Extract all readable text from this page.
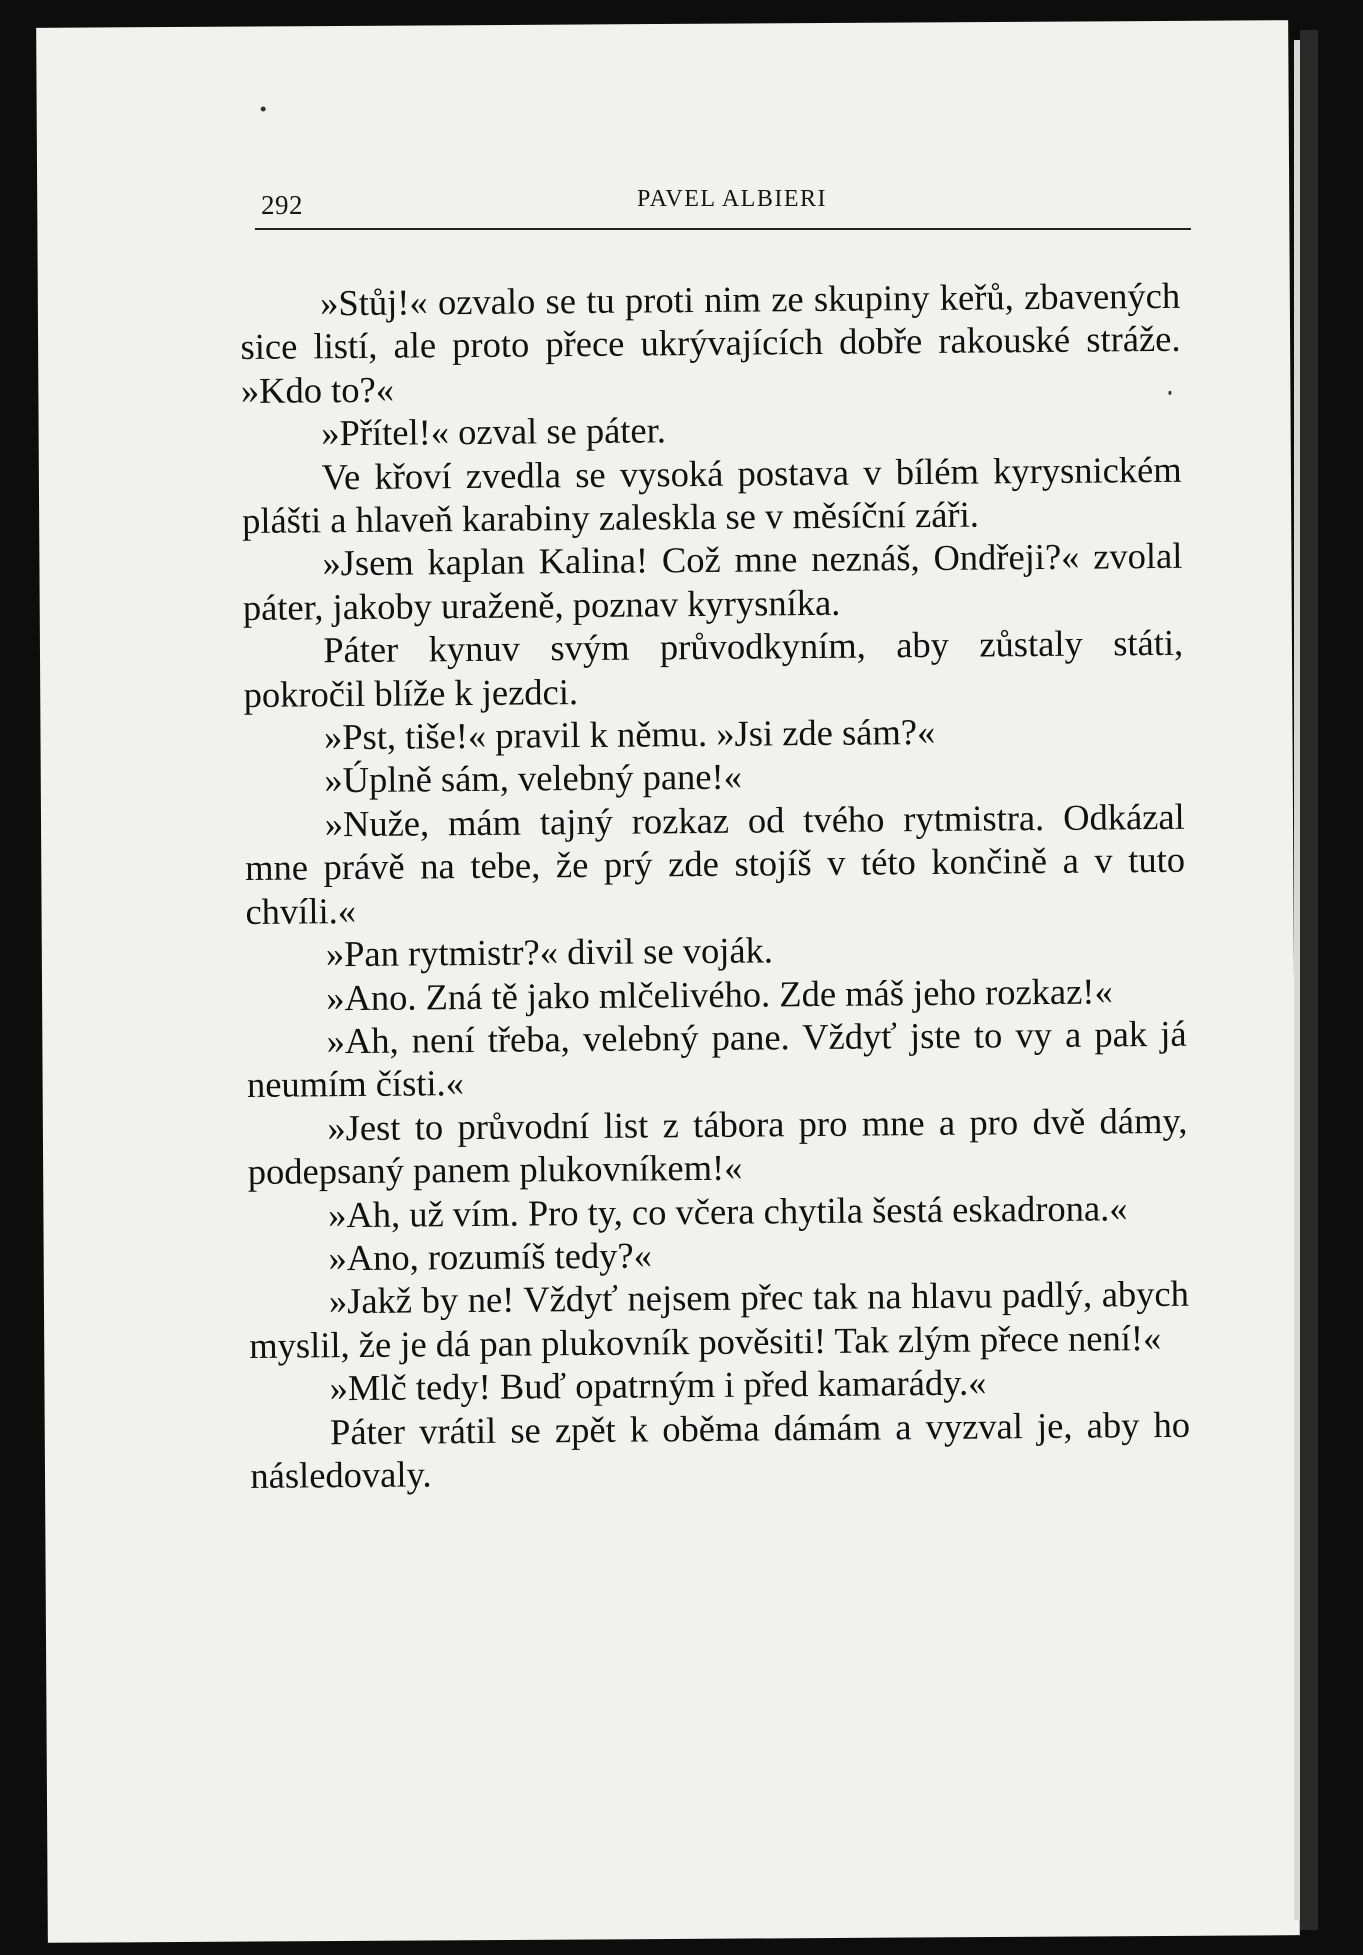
292	PAVEL ALBIERI

»Stůj!« ozvalo se tu proti nim ze skupiny keřů, zbavených sice listí, ale proto přece ukrývajících dobře rakouské stráže. »Kdo to?«

»Přítel!« ozval se páter.

Ve křoví zvedla se vysoká postava v bílém kyrysnickém plášti a hlaveň karabiny zaleskla se v měsíční záři.

»Jsem kaplan Kalina! Což mne neznáš, Ondřeji?« zvolal páter, jakoby uraženě, poznav kyrysníka.

Páter kynuv svým průvodkyním, aby zůstaly státi, pokročil blíže k jezdci.

»Pst, tiše!« pravil k němu. »Jsi zde sám?«

»Úplně sám, velebný pane!«

»Nuže, mám tajný rozkaz od tvého rytmistra. Odkázal mne právě na tebe, že prý zde stojíš v této končině a v tuto chvíli.«

»Pan rytmistr?« divil se voják.

»Ano. Zná tě jako mlčelivého. Zde máš jeho rozkaz!«

»Ah, není třeba, velebný pane. Vždyť jste to vy a pak já neumím čísti.«

»Jest to průvodní list z tábora pro mne a pro dvě dámy, podepsaný panem plukovníkem!«

»Ah, už vím. Pro ty, co včera chytila šestá eskadrona.«

»Ano, rozumíš tedy?«

»Jakž by ne! Vždyť nejsem přec tak na hlavu padlý, abych myslil, že je dá pan plukovník pověsiti! Tak zlým přece není!«

»Mlč tedy! Buď opatrným i před kamarády.«

Páter vrátil se zpět k oběma dámám a vyzval je, aby ho následovaly.
